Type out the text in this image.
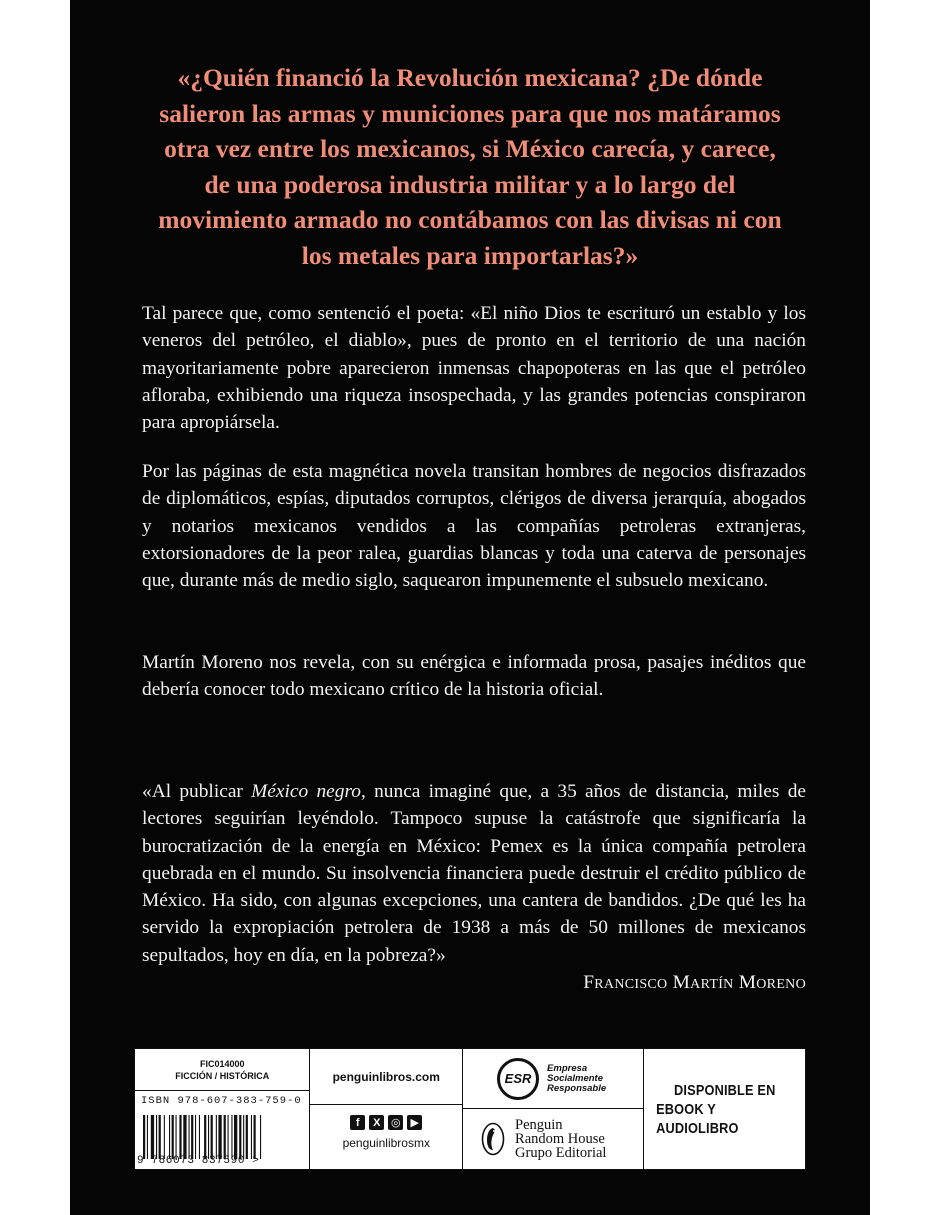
«¿Quién financió la Revolución mexicana? ¿De dónde salieron las armas y municiones para que nos matáramos otra vez entre los mexicanos, si México carecía, y carece, de una poderosa industria militar y a lo largo del movimiento armado no contábamos con las divisas ni con los metales para importarlas?»
Tal parece que, como sentenció el poeta: «El niño Dios te escrituró un establo y los veneros del petróleo, el diablo», pues de pronto en el territorio de una nación mayoritariamente pobre aparecieron inmensas chapopoteras en las que el petróleo afloraba, exhibiendo una riqueza insospechada, y las grandes potencias conspiraron para apropiársela.
Por las páginas de esta magnética novela transitan hombres de negocios disfrazados de diplomáticos, espías, diputados corruptos, clérigos de diversa jerarquía, abogados y notarios mexicanos vendidos a las compañías petroleras extranjeras, extorsionadores de la peor ralea, guardias blancas y toda una caterva de personajes que, durante más de medio siglo, saquearon impunemente el subsuelo mexicano.
Martín Moreno nos revela, con su enérgica e informada prosa, pasajes inéditos que debería conocer todo mexicano crítico de la historia oficial.
«Al publicar México negro, nunca imaginé que, a 35 años de distancia, miles de lectores seguirían leyéndolo. Tampoco supuse la catástrofe que significaría la burocratización de la energía en México: Pemex es la única compañía petrolera quebrada en el mundo. Su insolvencia financiera puede destruir el crédito público de México. Ha sido, con algunas excepciones, una cantera de bandidos. ¿De qué les ha servido la expropiación petrolera de 1938 a más de 50 millones de mexicanos sepultados, hoy en día, en la pobreza?»
Francisco Martín Moreno
FIC014000
FICCIÓN / HISTÓRICA
ISBN 978-607-383-759-0
9 786073 837590 >
penguinlibros.com
f	X ◎ ▶
penguinlibrosmx
ESR
Empresa
Socialmente
Responsable
Penguin
Random House
Grupo Editorial
DISPONIBLE EN
EBOOK Y AUDIOLIBRO
